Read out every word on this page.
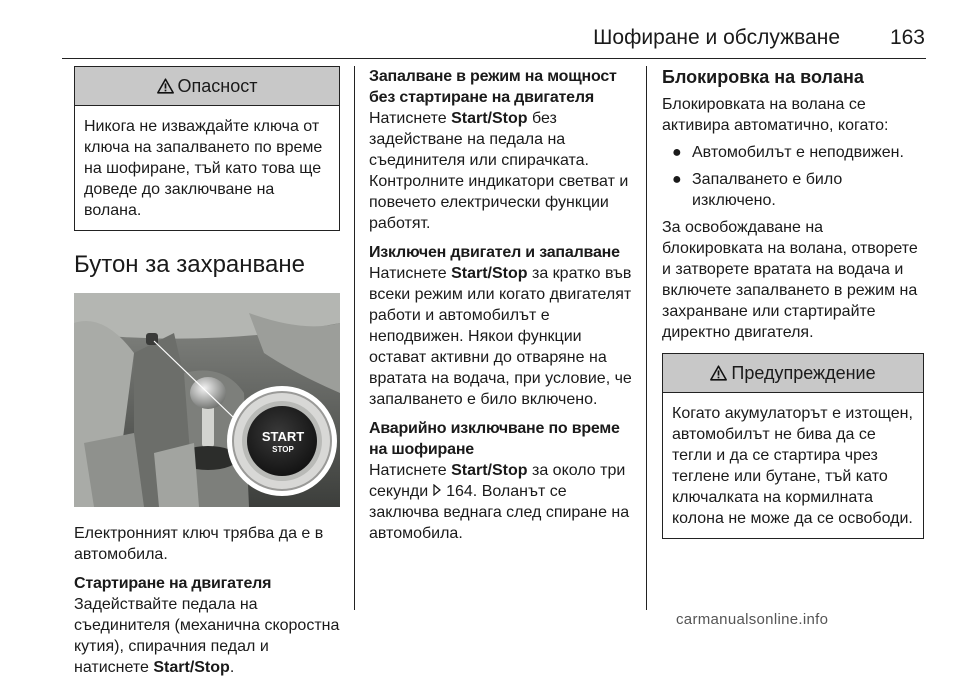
Шофиране и обслужване	163
Опасност
Никога не изваждайте ключа от ключа на запалването по време на шофиране, тъй като това ще доведе до заключване на волана.
Бутон за захранване
START
STOP

Електронният ключ трябва да е в автомобила.

Стартиране на двигателя

Задействайте педала на съединителя (механична скоростна кутия), спирачния педал и натиснете Start/Stop.

Запалване в режим на мощност без стартиране на двигателя

Натиснете Start/Stop без задействане на педала на съединителя или спирачката. Контролните индикатори светват и повечето електрически функции работят.

Изключен двигател и запалване

Натиснете Start/Stop за кратко във всеки режим или когато двигателят работи и автомобилът е неподвижен. Някои функции остават активни до отваряне на вратата на водача, при условие, че запалването е било включено.

Аварийно изключване по време на шофиране

Натиснете Start/Stop за около три секунди 164. Воланът се заключва веднага след спиране на автомобила.

Блокировка на волана

Блокировката на волана се активира автоматично, когато:

● Автомобилът е неподвижен.
● Запалването е било изключено.

За освобождаване на блокировката на волана, отворете и затворете вратата на водача и включете запалването в режим на захранване или стартирайте директно двигателя.

Предупреждение
Когато акумулаторът е изтощен, автомобилът не бива да се тегли и да се стартира чрез теглене или бутане, тъй като ключалката на кормилната колона не може да се освободи.
carmanualsonline.info
